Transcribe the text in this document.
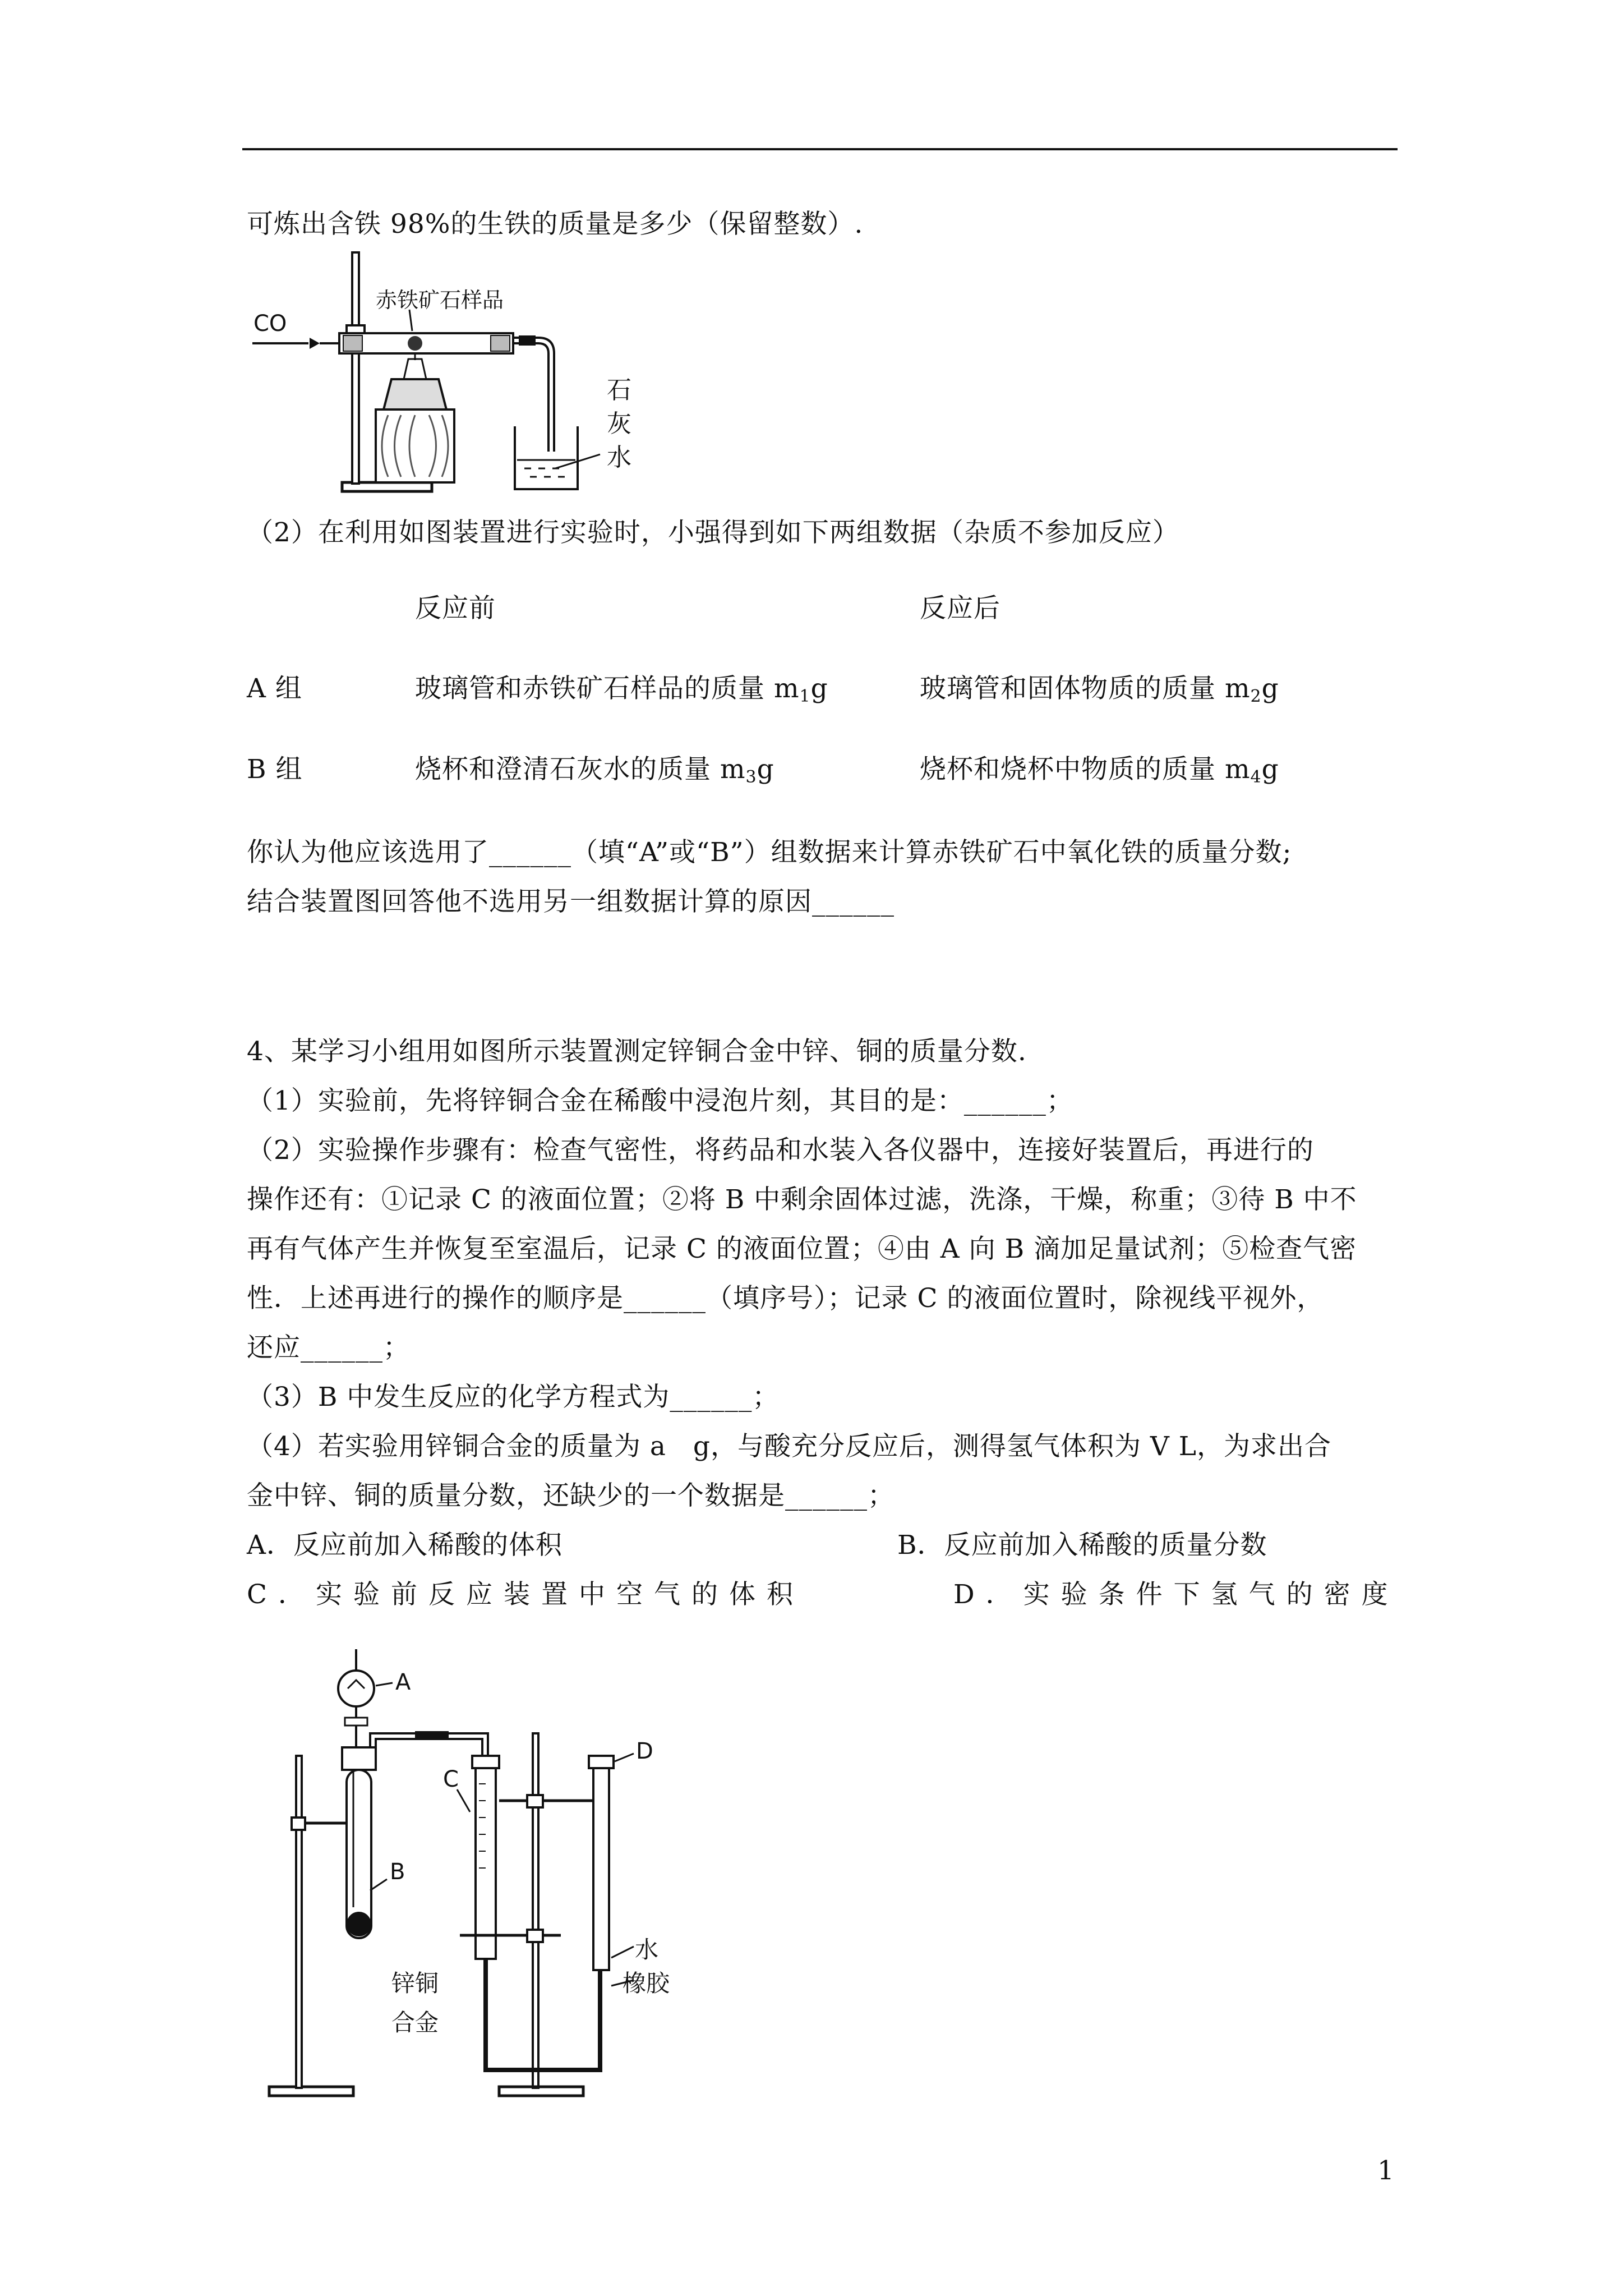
可炼出含铁 98%的生铁的质量是多少（保留整数）.
CO
赤铁矿石样品
石
灰
水
（2）在利用如图装置进行实验时，小强得到如下两组数据（杂质不参加反应）
反应前	反应后
A 组	玻璃管和赤铁矿石样品的质量 $m_1g$	玻璃管和固体物质的质量 $m_2g$
B 组	烧杯和澄清石灰水的质量 $m_3g$	烧杯和烧杯中物质的质量 $m_4g$
你认为他应该选用了______（填“A”或“B”）组数据来计算赤铁矿石中氧化铁的质量分数;
结合装置图回答他不选用另一组数据计算的原因______
4、某学习小组用如图所示装置测定锌铜合金中锌、铜的质量分数.
（1）实验前，先将锌铜合金在稀酸中浸泡片刻，其目的是：______；
（2）实验操作步骤有：检查气密性，将药品和水装入各仪器中，连接好装置后，再进行的
操作还有：①记录 C 的液面位置；②将 B 中剩余固体过滤，洗涤，干燥，称重；③待 B 中不
再有气体产生并恢复至室温后，记录 C 的液面位置；④由 A 向 B 滴加足量试剂；⑤检查气密
性．上述再进行的操作的顺序是______（填序号）；记录 C 的液面位置时，除视线平视外，
还应______；
（3）B 中发生反应的化学方程式为______；
（4）若实验用锌铜合金的质量为 a　g，与酸充分反应后，测得氢气体积为 V L，为求出合
金中锌、铜的质量分数，还缺少的一个数据是______；
A．反应前加入稀酸的体积	B．反应前加入稀酸的质量分数
C．实验前反应装置中空气的体积	D．实验条件下氢气的密度
A
B
C
D
水
橡胶
锌铜
合金
1
